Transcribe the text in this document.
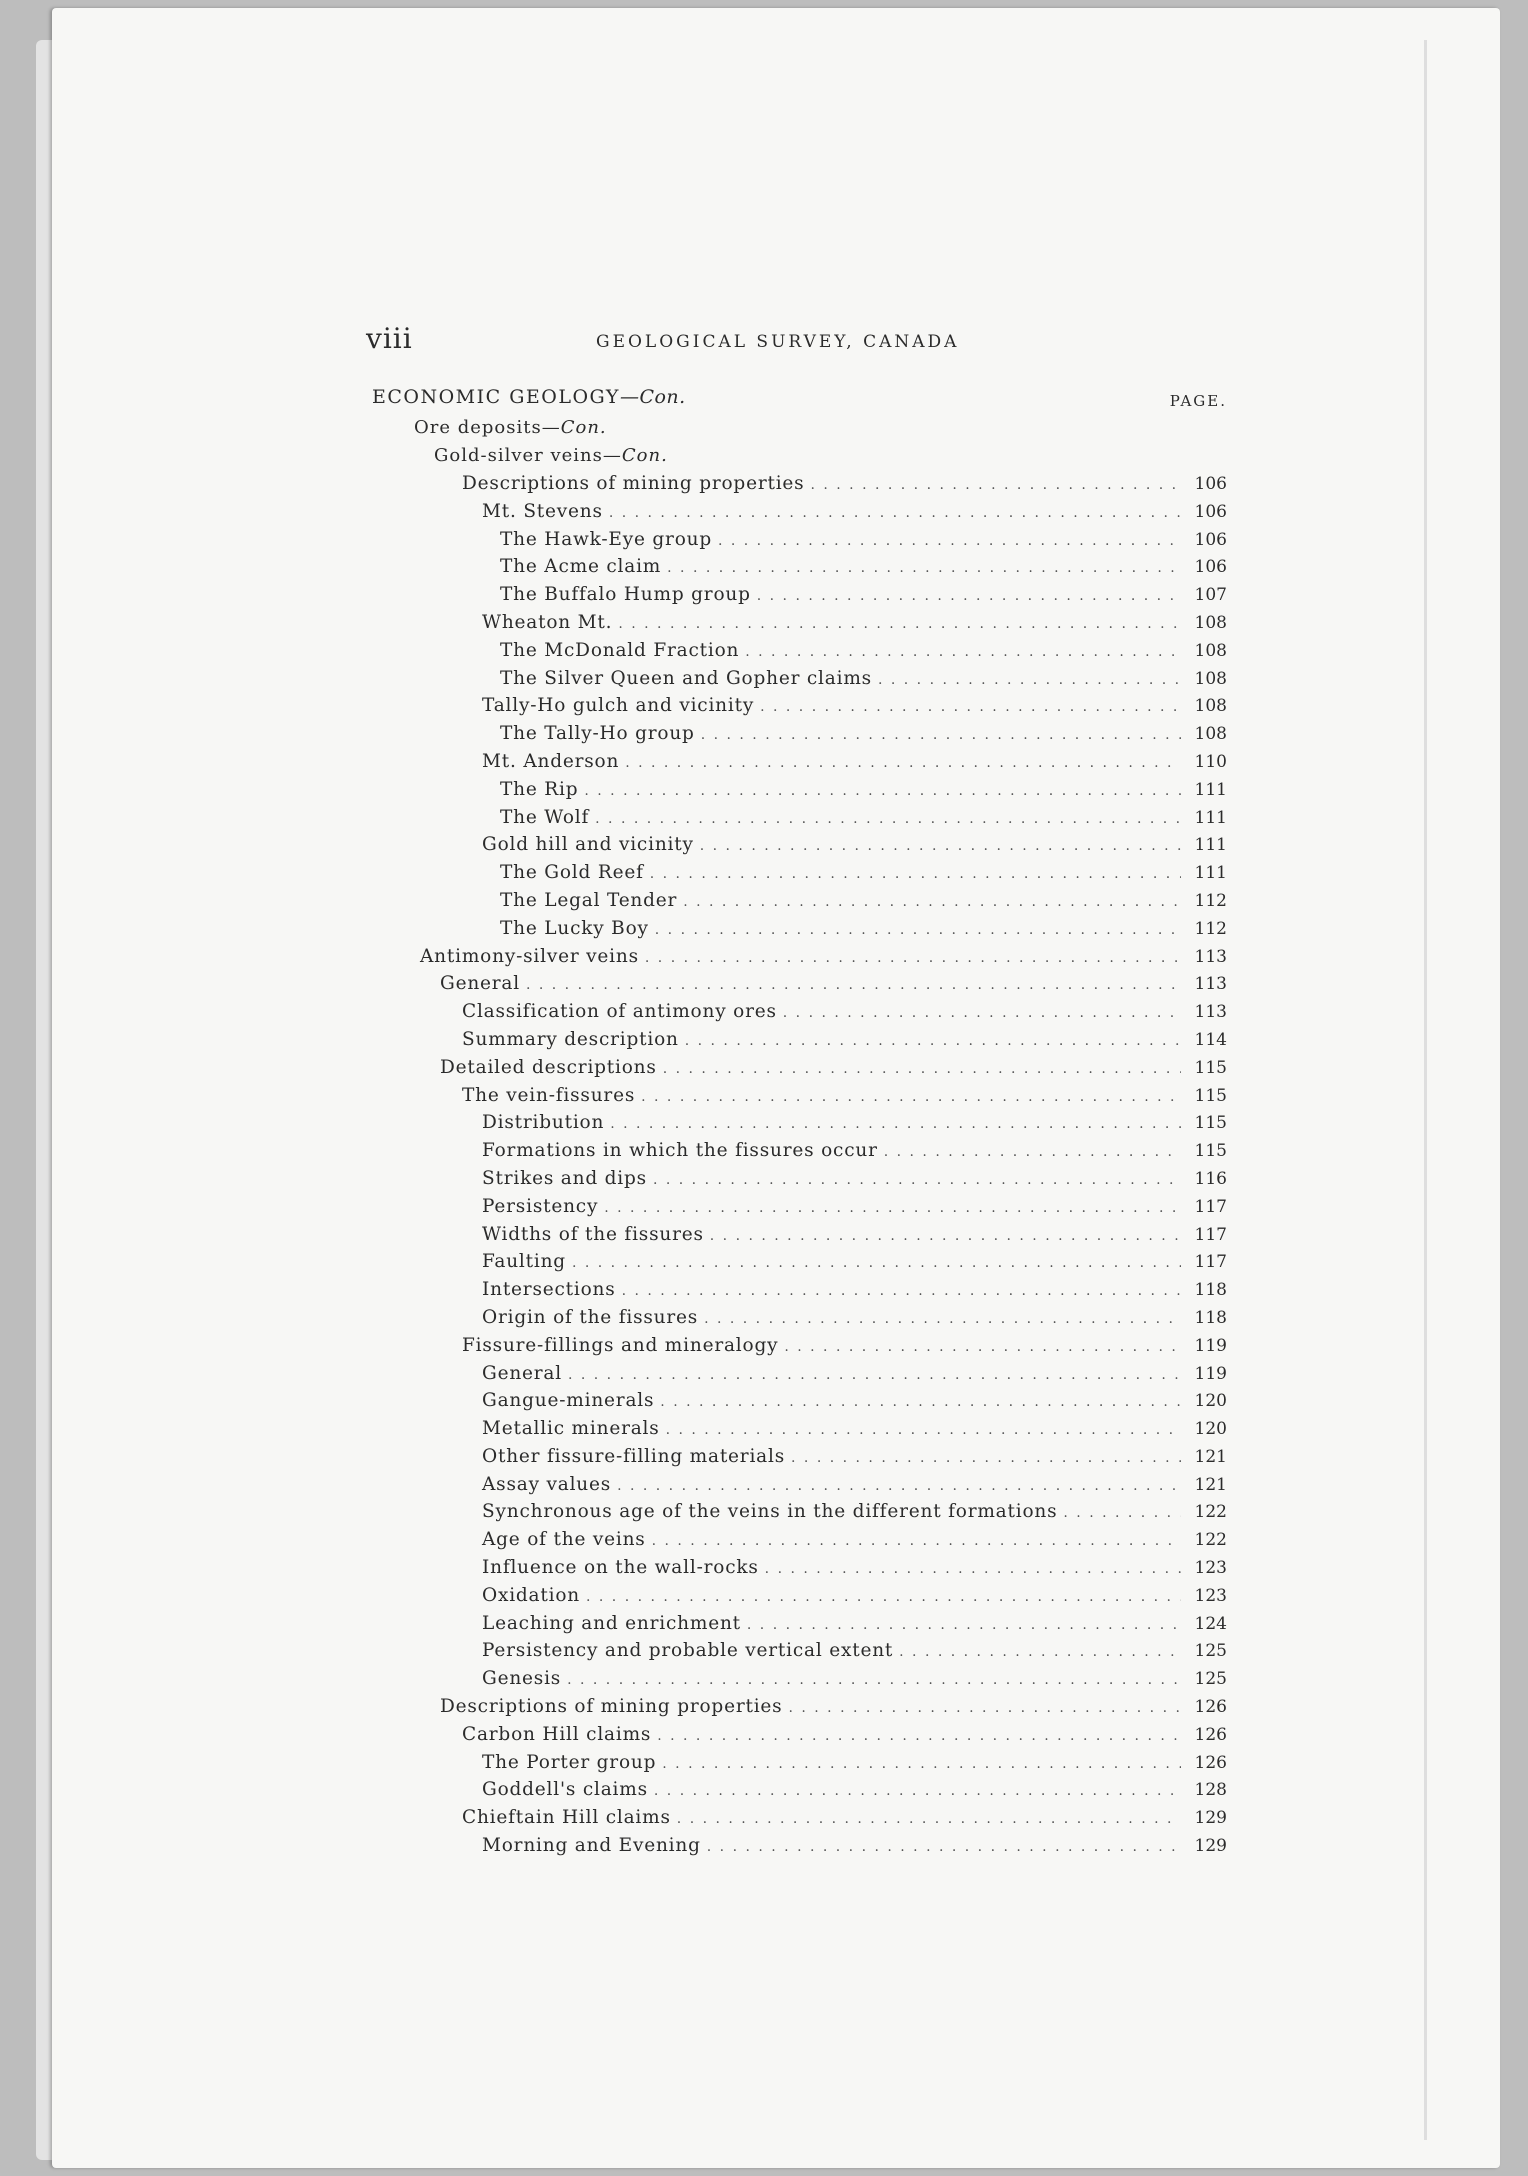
viii	GEOLOGICAL SURVEY, CANADA
ECONOMIC GEOLOGY—Con.	PAGE.
Ore deposits—Con.
Gold-silver veins—Con.
Descriptions of mining properties . . .	106
Mt. Stevens . . .	106
The Hawk-Eye group . . .	106
The Acme claim . . .	106
The Buffalo Hump group . . .	107
Wheaton Mt. . . .	108
The McDonald Fraction . . .	108
The Silver Queen and Gopher claims . . .	108
Tally-Ho gulch and vicinity . . .	108
The Tally-Ho group . . .	108
Mt. Anderson . . .	110
The Rip . . .	111
The Wolf . . .	111
Gold hill and vicinity . . .	111
The Gold Reef . . .	111
The Legal Tender . . .	112
The Lucky Boy . . .	112
Antimony-silver veins . . .	113
General . . .	113
Classification of antimony ores . . .	113
Summary description . . .	114
Detailed descriptions . . .	115
The vein-fissures . . .	115
Distribution . . .	115
Formations in which the fissures occur . . .	115
Strikes and dips . . .	116
Persistency . . .	117
Widths of the fissures . . .	117
Faulting . . .	117
Intersections . . .	118
Origin of the fissures . . .	118
Fissure-fillings and mineralogy . . .	119
General . . .	119
Gangue-minerals . . .	120
Metallic minerals . . .	120
Other fissure-filling materials . . .	121
Assay values . . .	121
Synchronous age of the veins in the different formations . . .	122
Age of the veins . . .	122
Influence on the wall-rocks . . .	123
Oxidation . . .	123
Leaching and enrichment . . .	124
Persistency and probable vertical extent . . .	125
Genesis . . .	125
Descriptions of mining properties . . .	126
Carbon Hill claims . . .	126
The Porter group . . .	126
Goddell's claims . . .	128
Chieftain Hill claims . . .	129
Morning and Evening . . .	129
